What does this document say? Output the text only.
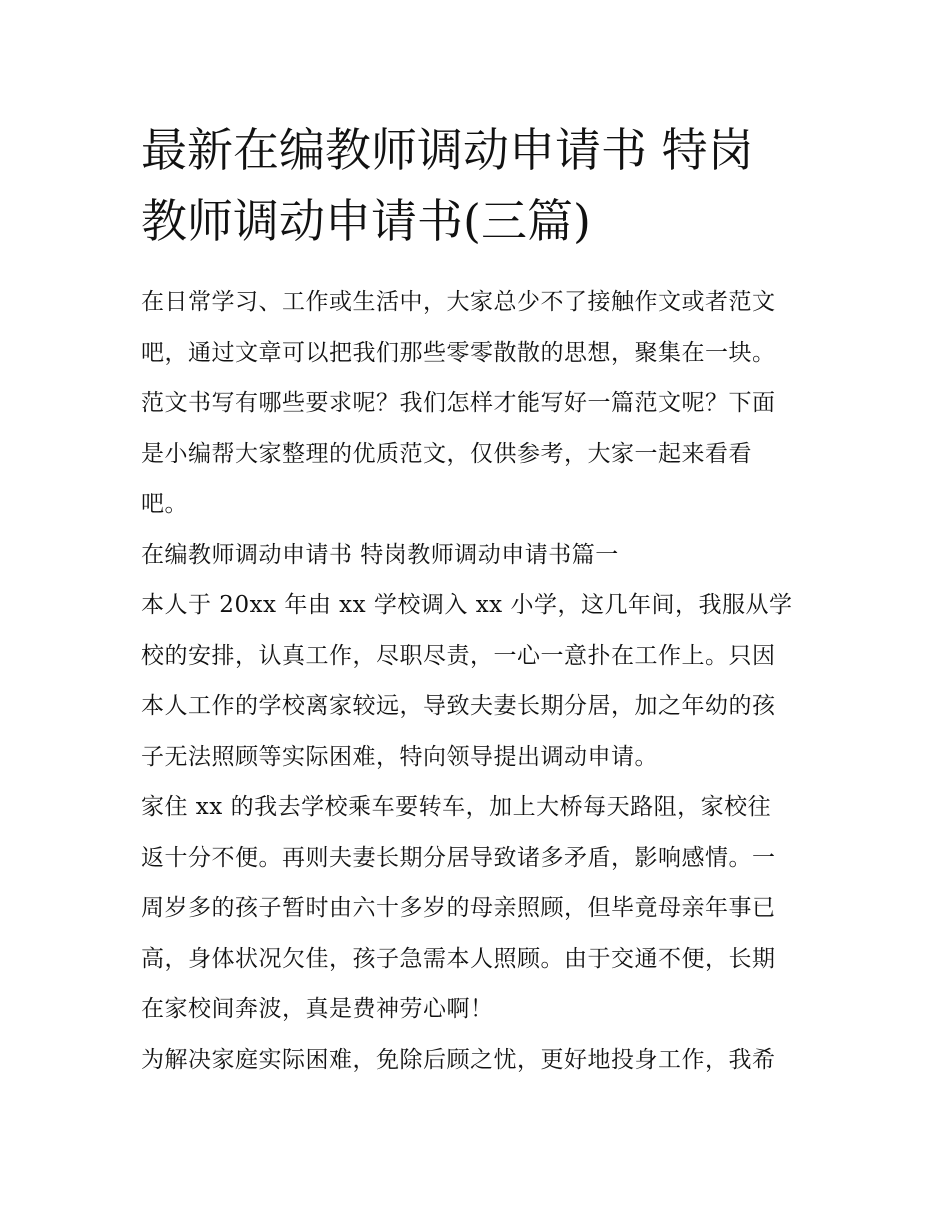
最新在编教师调动申请书 特岗
教师调动申请书(三篇)

在日常学习、工作或生活中，大家总少不了接触作文或者范文
吧，通过文章可以把我们那些零零散散的思想，聚集在一块。
范文书写有哪些要求呢？我们怎样才能写好一篇范文呢？下面
是小编帮大家整理的优质范文，仅供参考，大家一起来看看
吧。

在编教师调动申请书 特岗教师调动申请书篇一

本人于 20xx 年由 xx 学校调入 xx 小学，这几年间，我服从学
校的安排，认真工作，尽职尽责，一心一意扑在工作上。只因
本人工作的学校离家较远，导致夫妻长期分居，加之年幼的孩
子无法照顾等实际困难，特向领导提出调动申请。

家住 xx 的我去学校乘车要转车，加上大桥每天路阻，家校往
返十分不便。再则夫妻长期分居导致诸多矛盾，影响感情。一
周岁多的孩子暂时由六十多岁的母亲照顾，但毕竟母亲年事已
高，身体状况欠佳，孩子急需本人照顾。由于交通不便，长期
在家校间奔波，真是费神劳心啊！

为解决家庭实际困难，免除后顾之忧，更好地投身工作，我希
